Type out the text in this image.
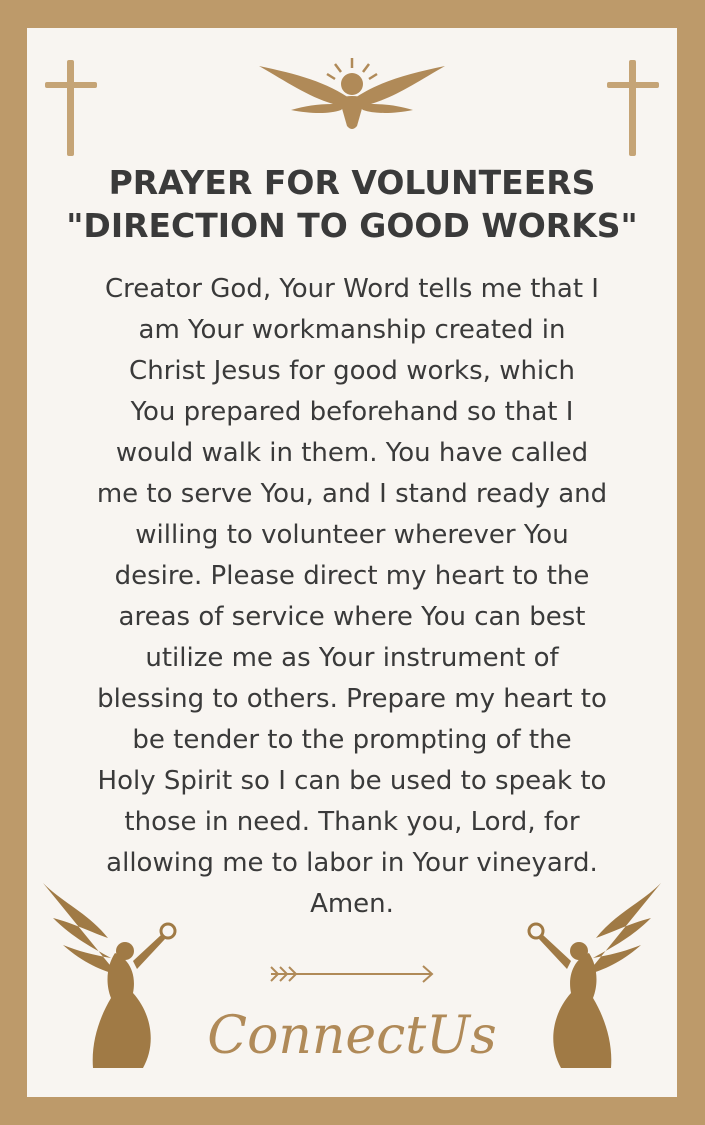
PRAYER FOR VOLUNTEERS
"DIRECTION TO GOOD WORKS"
Creator God, Your Word tells me that I
am Your workmanship created in
Christ Jesus for good works, which
You prepared beforehand so that I
would walk in them. You have called
me to serve You, and I stand ready and
willing to volunteer wherever You
desire. Please direct my heart to the
areas of service where You can best
utilize me as Your instrument of
blessing to others. Prepare my heart to
be tender to the prompting of the
Holy Spirit so I can be used to speak to
those in need. Thank you, Lord, for
allowing me to labor in Your vineyard.
Amen.
ConnectUs
